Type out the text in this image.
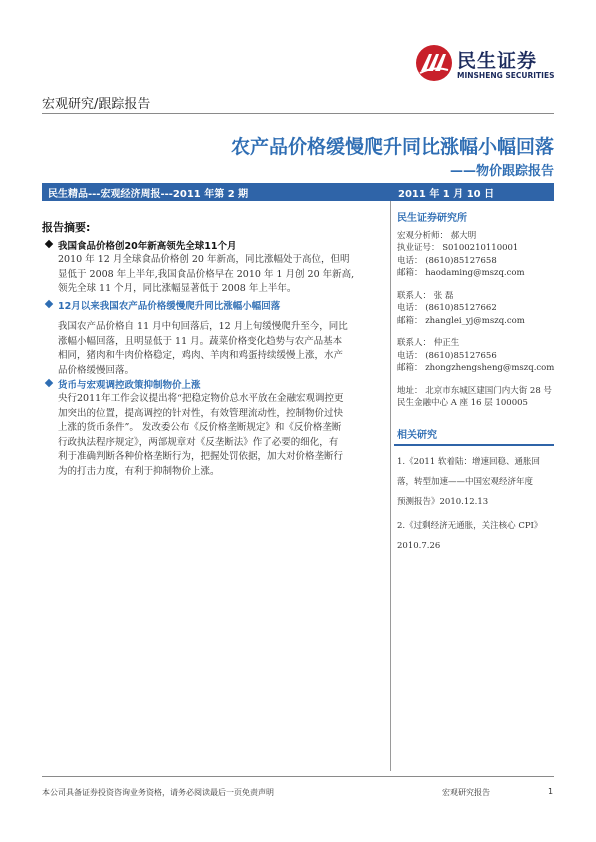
民生证券
MINSHENG SECURITIES
宏观研究/跟踪报告
农产品价格缓慢爬升同比涨幅小幅回落
——物价跟踪报告
民生精品---宏观经济周报---2011 年第 2 期	2011 年 1 月 10 日
报告摘要:
我国食品价格创20年新高领先全球11个月
2010 年 12 月全球食品价格创 20 年新高，同比涨幅处于高位，但明
显低于 2008 年上半年,我国食品价格早在 2010 年 1 月创 20 年新高,
领先全球 11 个月，同比涨幅显著低于 2008 年上半年。
12月以来我国农产品价格缓慢爬升同比涨幅小幅回落
我国农产品价格自 11 月中旬回落后，12 月上旬缓慢爬升至今，同比
涨幅小幅回落，且明显低于 11 月。蔬菜价格变化趋势与农产品基本
相同，猪肉和牛肉价格稳定，鸡肉、羊肉和鸡蛋持续缓慢上涨，水产
品价格缓慢回落。
货币与宏观调控政策抑制物价上涨
央行2011年工作会议提出将“把稳定物价总水平放在金融宏观调控更
加突出的位置，提高调控的针对性，有效管理流动性，控制物价过快
上涨的货币条件”。 发改委公布《反价格垄断规定》和《反价格垄断
行政执法程序规定》，两部规章对《反垄断法》作了必要的细化，有
利于准确判断各种价格垄断行为，把握处罚依据，加大对价格垄断行
为的打击力度，有利于抑制物价上涨。
民生证券研究所
宏观分析师： 郝大明
执业证号： S0100210110001
电话： (8610)85127658
邮箱： haodaming@mszq.com
联系人： 张 磊
电话： (8610)85127662
邮箱： zhanglei_yj@mszq.com
联系人： 仲正生
电话： (8610)85127656
邮箱： zhongzhengsheng@mszq.com
地址： 北京市东城区建国门内大街 28 号
民生金融中心 A 座 16 层 100005
相关研究
1.《2011 软着陆：增速回稳、通胀回
落，转型加速——中国宏观经济年度
预测报告》2010.12.13
2.《过剩经济无通胀，关注核心 CPI》
2010.7.26
本公司具备证券投资咨询业务资格，请务必阅读最后一页免责声明	宏观研究报告	1
